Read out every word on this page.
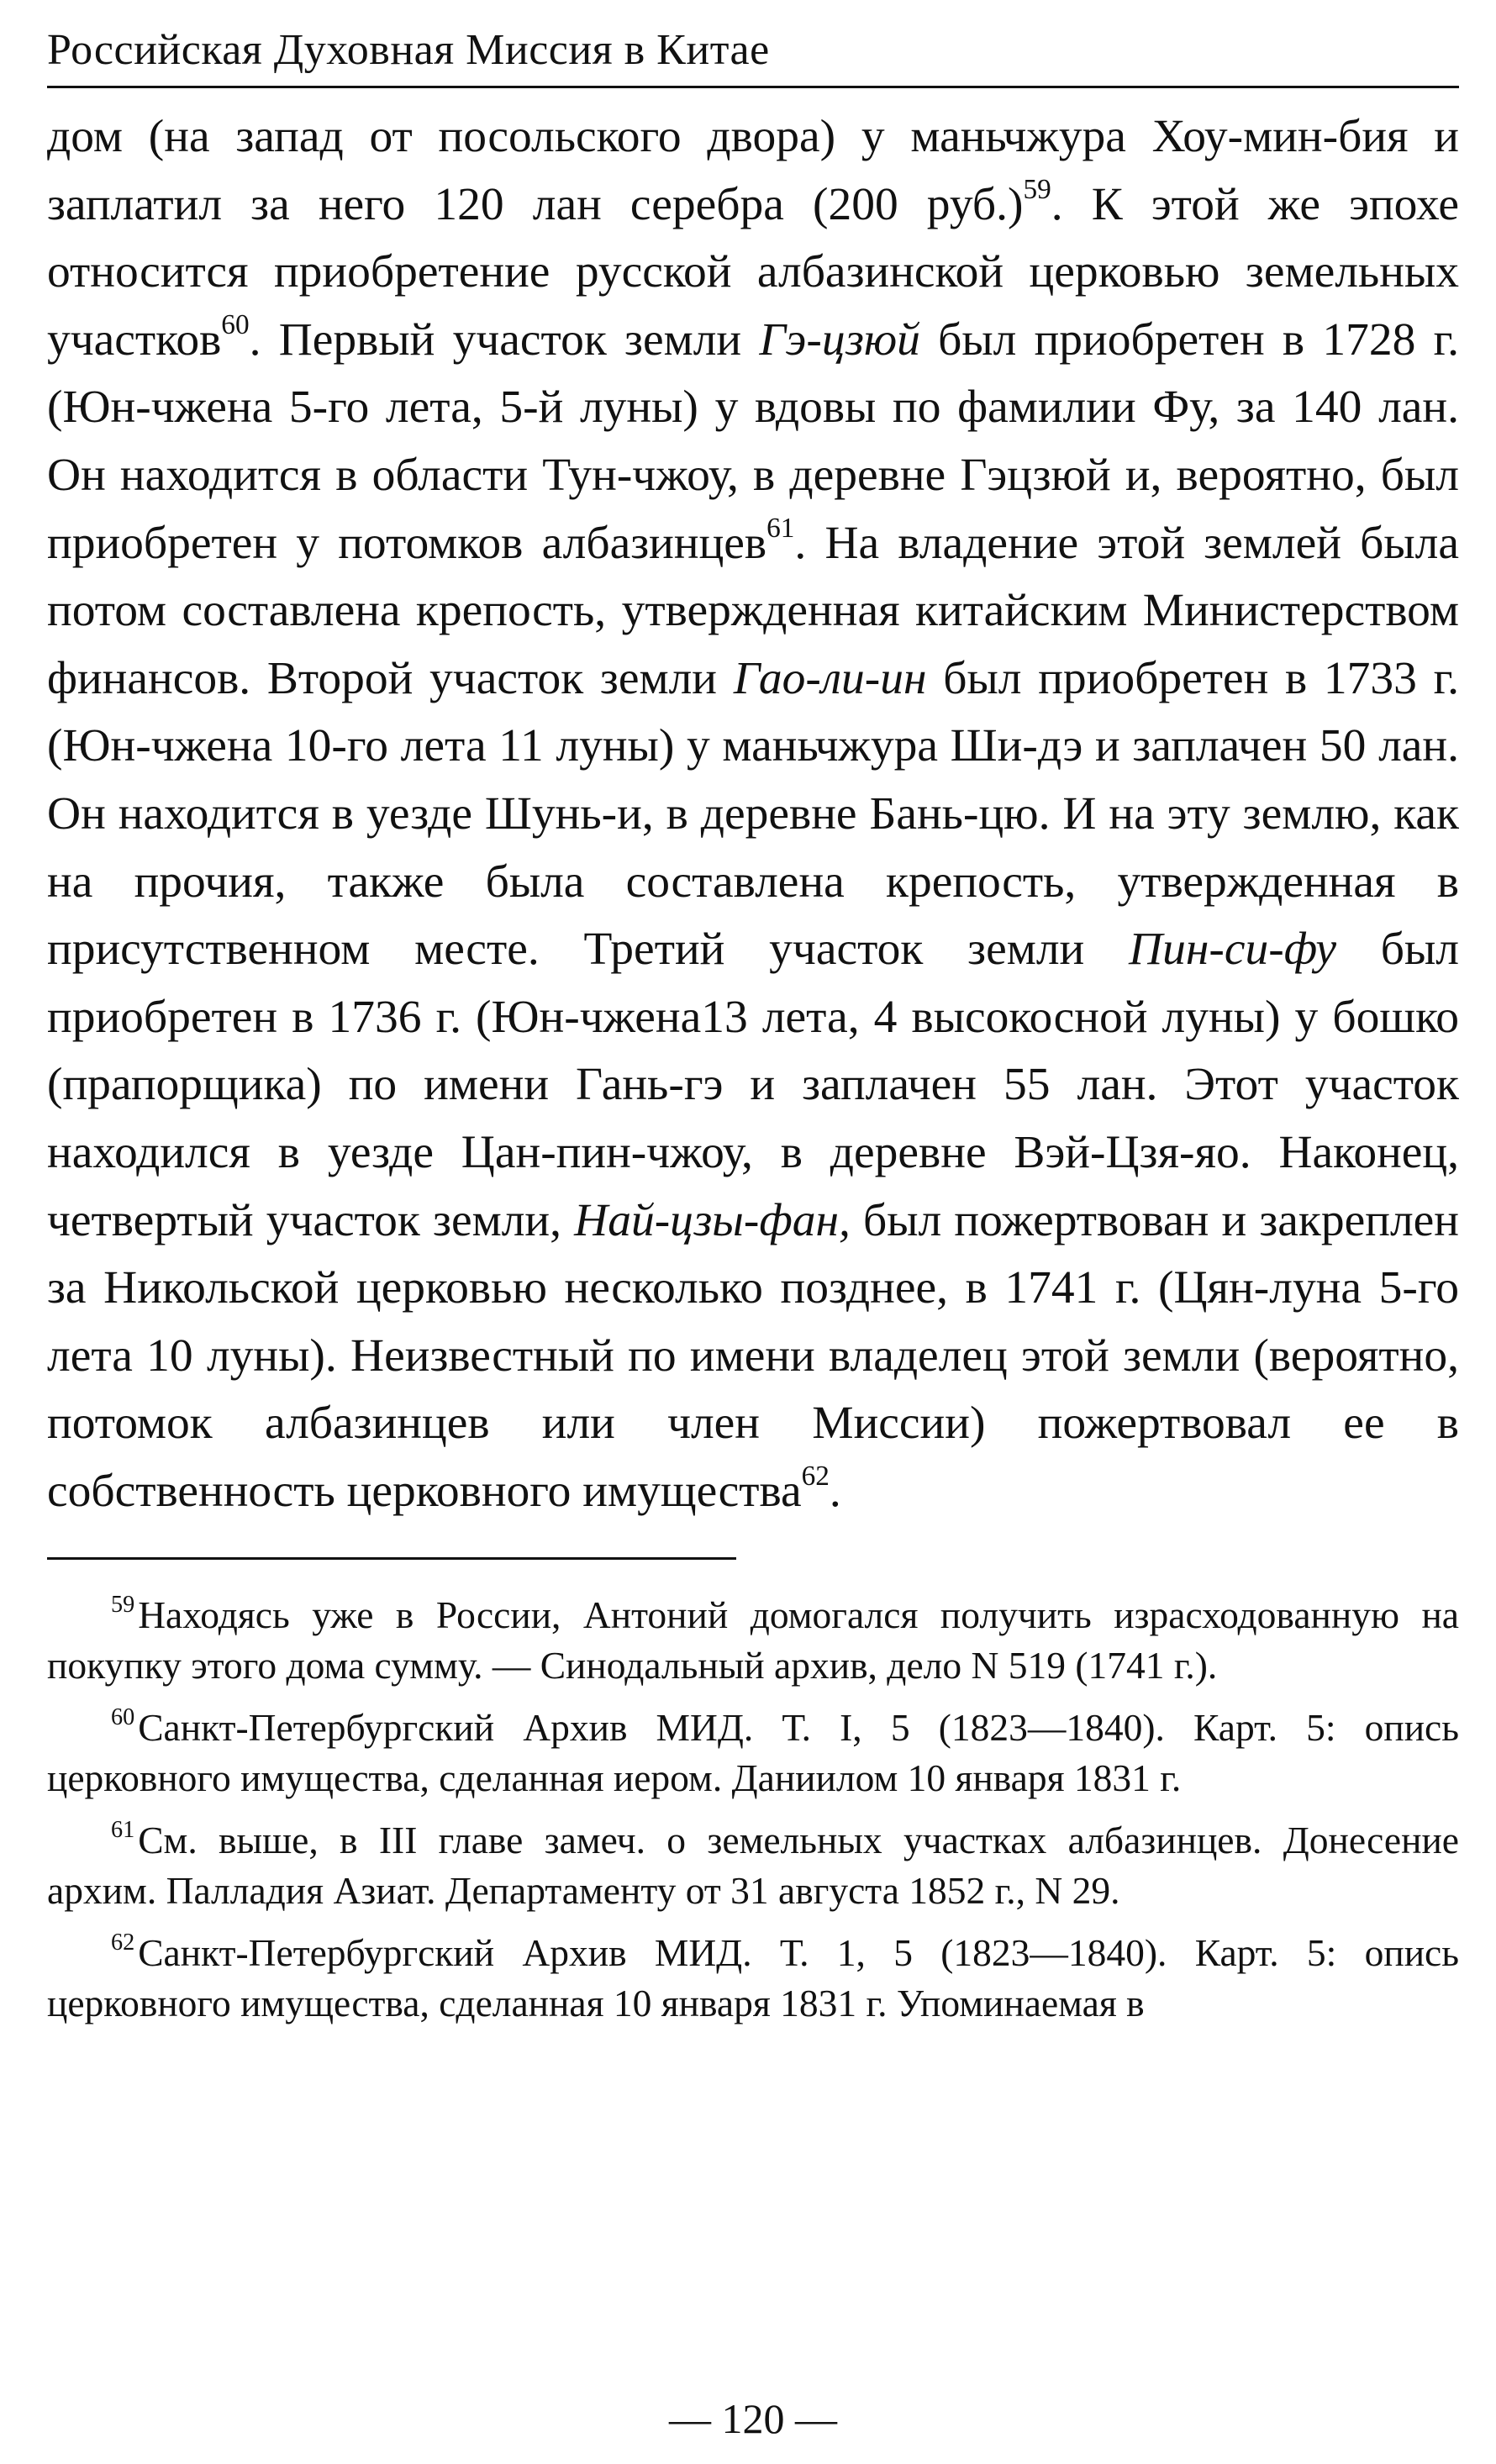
Российская Духовная Миссия в Китае

дом (на запад от посольского двора) у маньчжура Хоу-мин-бия и заплатил за него 120 лан серебра (200 руб.)$^{59}$. К этой же эпохе относится приобретение русской албазинской церковью земельных участков$^{60}$. Первый участок земли Гэ-цзюй был приобретен в 1728 г. (Юн-чжена 5-го лета, 5-й луны) у вдовы по фамилии Фу, за 140 лан. Он находится в области Тун-чжоу, в деревне Гэцзюй и, вероятно, был приобретен у потомков албазинцев$^{61}$. На владение этой землей была потом составлена крепость, утвержденная китайским Министерством финансов. Второй участок земли Гао-ли-ин был приобретен в 1733 г. (Юн-чжена 10-го лета 11 луны) у маньчжура Ши-дэ и заплачен 50 лан. Он находится в уезде Шунь-и, в деревне Бань-цю. И на эту землю, как на прочия, также была составлена крепость, утвержденная в присутственном месте. Третий участок земли Пин-си-фу был приобретен в 1736 г. (Юн-чжена13 лета, 4 высокосной луны) у бошко (прапорщика) по имени Гань-гэ и заплачен 55 лан. Этот участок находился в уезде Цан-пин-чжоу, в деревне Вэй-Цзя-яо. Наконец, четвертый участок земли, Най-цзы-фан, был пожертвован и закреплен за Никольской церковью несколько позднее, в 1741 г. (Цян-луна 5-го лета 10 луны). Неизвестный по имени владелец этой земли (вероятно, потомок албазинцев или член Миссии) пожертвовал ее в собственность церковного имущества$^{62}$.

$^{59}$Находясь уже в России, Антоний домогался получить израсходованную на покупку этого дома сумму. — Синодальный архив, дело N 519 (1741 г.).

$^{60}$Санкт-Петербургский Архив МИД. Т. I, 5 (1823—1840). Карт. 5: опись церковного имущества, сделанная иером. Даниилом 10 января 1831 г.

$^{61}$См. выше, в III главе замеч. о земельных участках албазинцев. Донесение архим. Палладия Азиат. Департаменту от 31 августа 1852 г., N 29.

$^{62}$Санкт-Петербургский Архив МИД. Т. 1, 5 (1823—1840). Карт. 5: опись церковного имущества, сделанная 10 января 1831 г. Упоминаемая в

— 120 —
